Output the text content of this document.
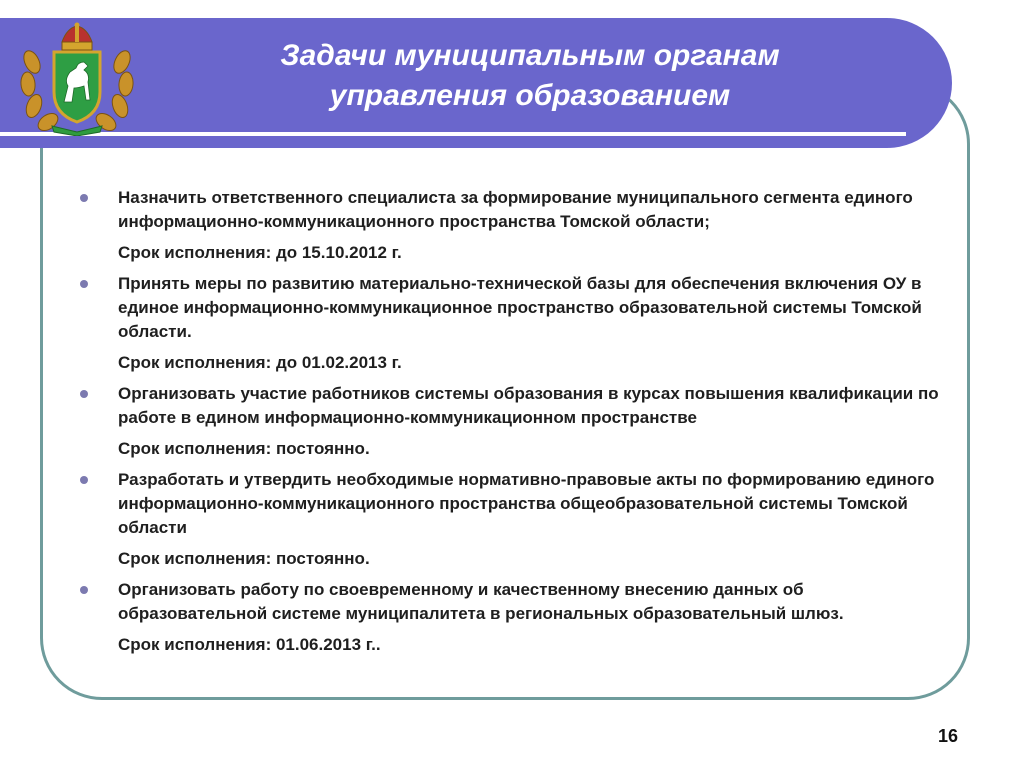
Задачи муниципальным органам
управления образованием
Назначить ответственного специалиста за формирование муниципального сегмента единого информационно-коммуникационного пространства Томской области;
Срок исполнения: до 15.10.2012 г.
Принять меры по развитию материально-технической базы для обеспечения включения ОУ в единое информационно-коммуникационное пространство образовательной системы Томской области.
Срок исполнения: до 01.02.2013 г.
Организовать участие работников системы образования в курсах повышения квалификации по работе в едином информационно-коммуникационном пространстве
Срок исполнения: постоянно.
Разработать и утвердить необходимые нормативно-правовые акты по формированию единого информационно-коммуникационного пространства общеобразовательной системы Томской области
Срок исполнения: постоянно.
Организовать работу по своевременному и качественному внесению данных об образовательной системе муниципалитета в региональных образовательный шлюз.
Срок исполнения: 01.06.2013 г..
16
